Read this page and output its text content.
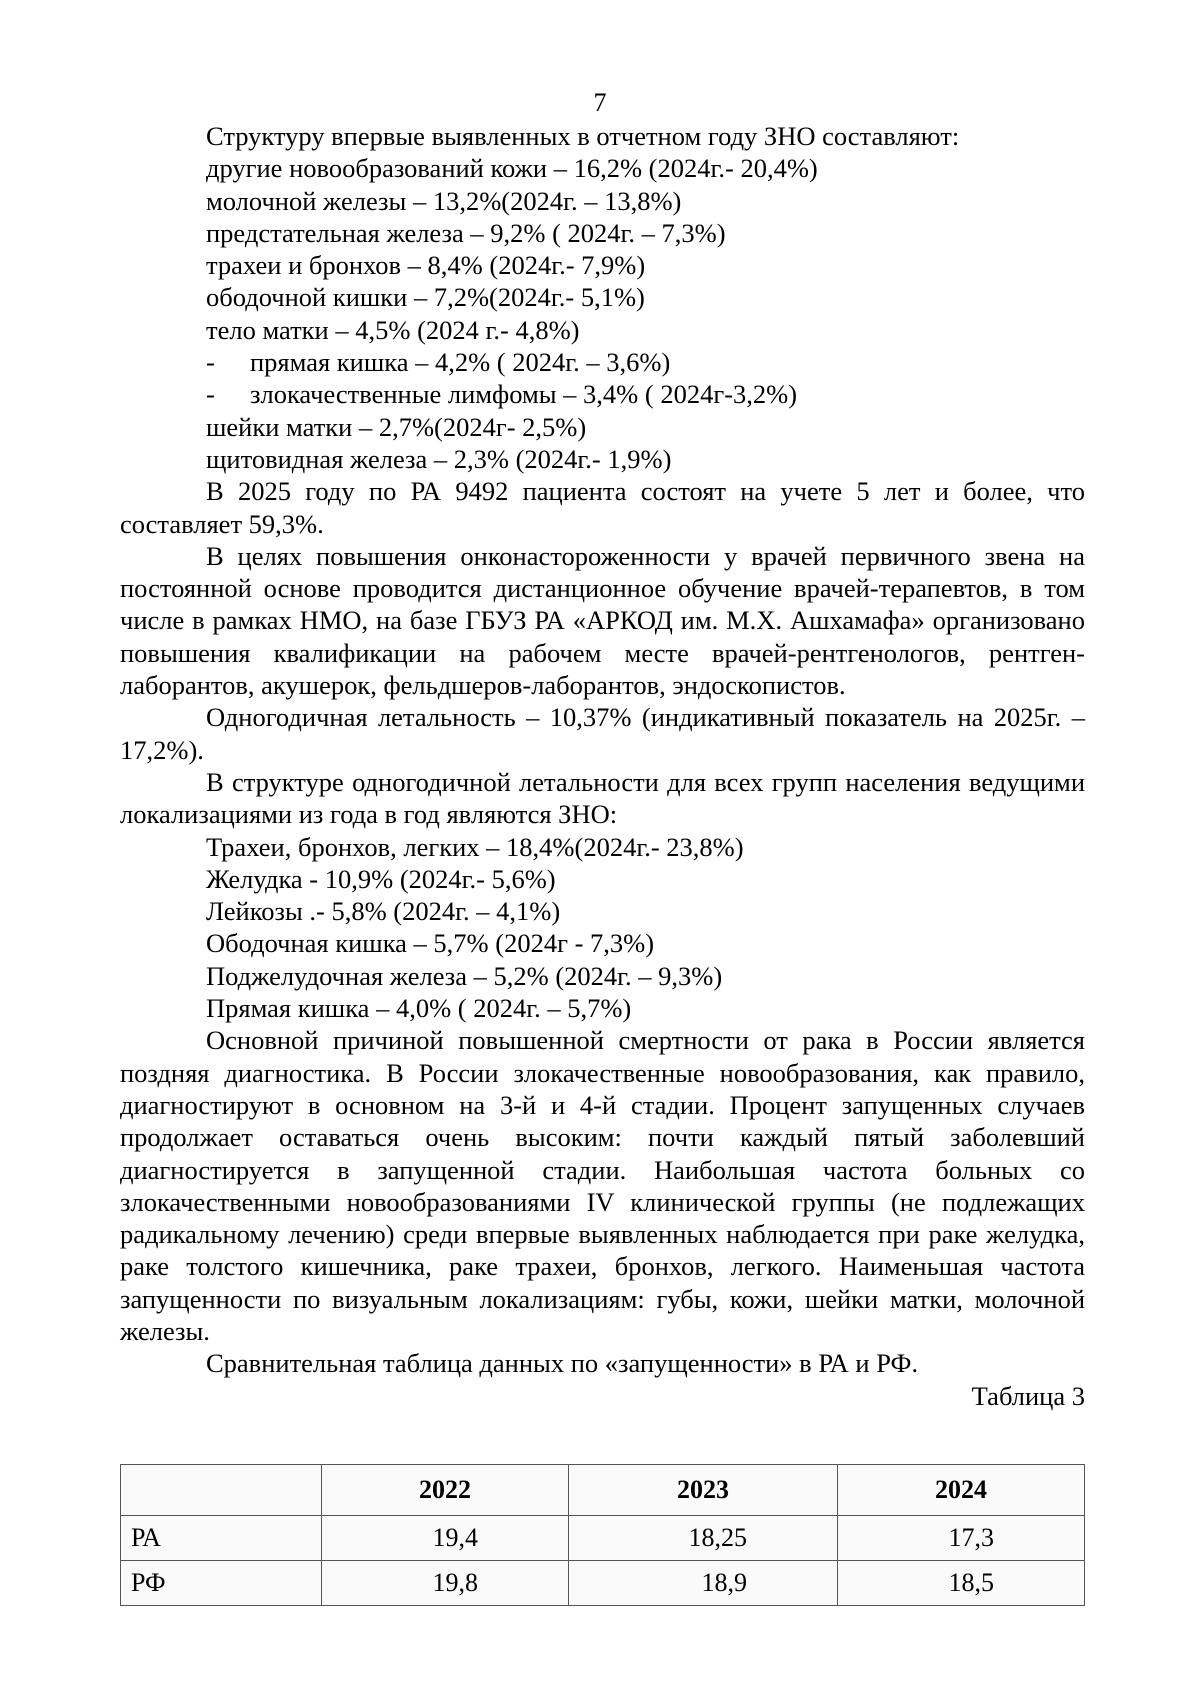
7
Структуру впервые выявленных в отчетном году ЗНО составляют:
другие новообразований кожи – 16,2% (2024г.- 20,4%)
молочной железы – 13,2%(2024г. – 13,8%)
предстательная железа – 9,2% ( 2024г. – 7,3%)
трахеи и бронхов – 8,4% (2024г.- 7,9%)
ободочной кишки – 7,2%(2024г.- 5,1%)
тело матки – 4,5% (2024 г.- 4,8%)
- прямая кишка – 4,2% ( 2024г. – 3,6%)
- злокачественные лимфомы – 3,4% ( 2024г-3,2%)
шейки матки – 2,7%(2024г- 2,5%)
щитовидная железа – 2,3% (2024г.- 1,9%)

В 2025 году по РА 9492 пациента состоят на учете 5 лет и более, что составляет 59,3%.

В целях повышения онконастороженности у врачей первичного звена на постоянной основе проводится дистанционное обучение врачей-терапевтов, в том числе в рамках НМО, на базе ГБУЗ РА «АРКОД им. М.Х. Ашхамафа» организовано повышения квалификации на рабочем месте врачей-рентгенологов, рентген-лаборантов, акушерок, фельдшеров-лаборантов, эндоскопистов.

Одногодичная летальность – 10,37% (индикативный показатель на 2025г. – 17,2%).

В структуре одногодичной летальности для всех групп населения ведущими локализациями из года в год являются ЗНО:

Трахеи, бронхов, легких – 18,4%(2024г.- 23,8%)
Желудка - 10,9% (2024г.- 5,6%)
Лейкозы .- 5,8% (2024г. – 4,1%)
Ободочная кишка – 5,7% (2024г - 7,3%)
Поджелудочная железа – 5,2% (2024г. – 9,3%)
Прямая кишка – 4,0% ( 2024г. – 5,7%)

Основной причиной повышенной смертности от рака в России является поздняя диагностика. В России злокачественные новообразования, как правило, диагностируют в основном на 3-й и 4-й стадии. Процент запущенных случаев продолжает оставаться очень высоким: почти каждый пятый заболевший диагностируется в запущенной стадии. Наибольшая частота больных со злокачественными новообразованиями IV клинической группы (не подлежащих радикальному лечению) среди впервые выявленных наблюдается при раке желудка, раке толстого кишечника, раке трахеи, бронхов, легкого. Наименьшая частота запущенности по визуальным локализациям: губы, кожи, шейки матки, молочной железы.

Сравнительная таблица данных по «запущенности» в РА и РФ.
Таблица 3
	2022	2023	2024
РА	19,4	18,25	17,3
РФ	19,8	18,9	18,5
